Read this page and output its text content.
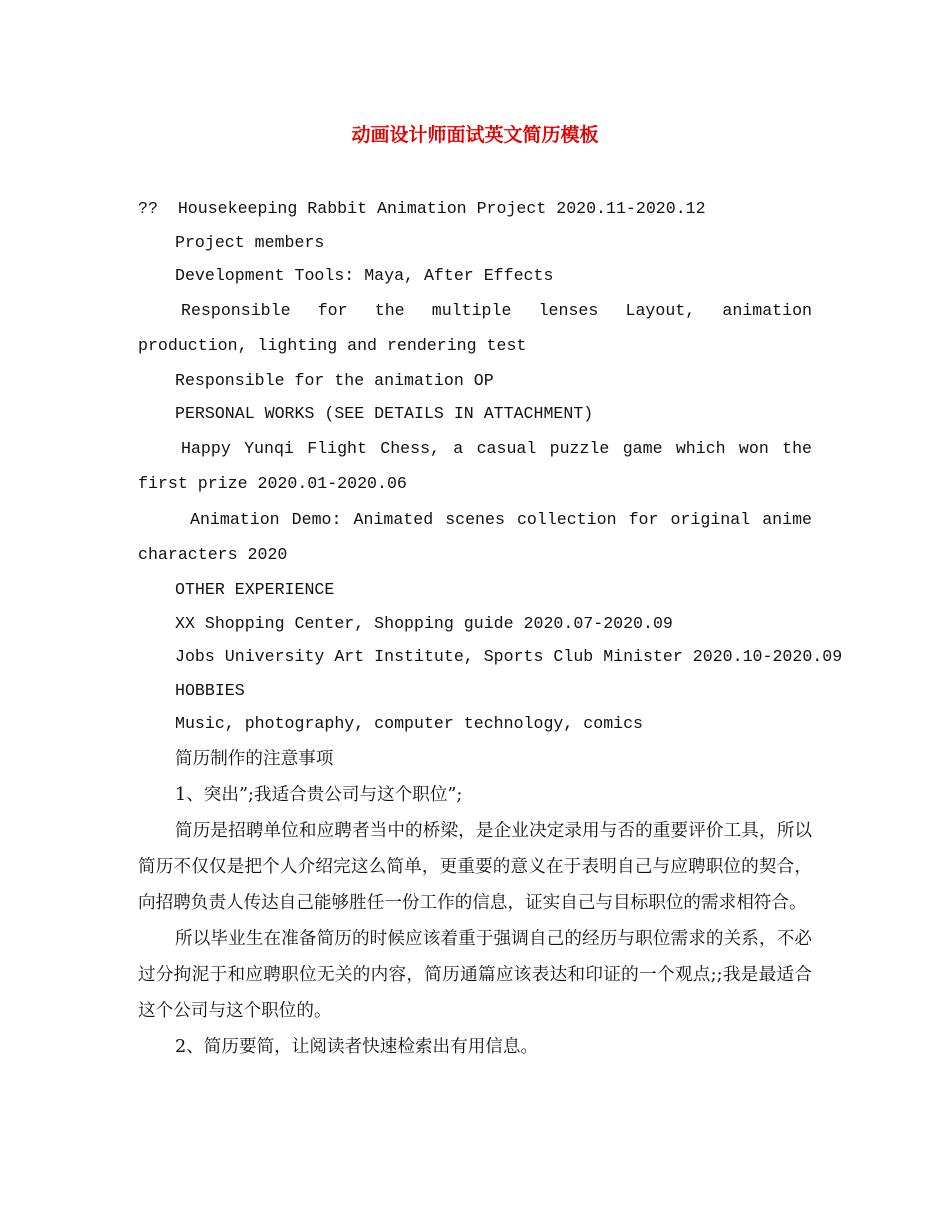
动画设计师面试英文简历模板
??  Housekeeping Rabbit Animation Project 2020.11-2020.12
Project members
Development Tools: Maya, After Effects
Responsible for the multiple lenses Layout, animation production, lighting and rendering test
Responsible for the animation OP
PERSONAL WORKS (SEE DETAILS IN ATTACHMENT)
Happy Yunqi Flight Chess, a casual puzzle game which won the first prize 2020.01-2020.06
Animation Demo: Animated scenes collection for original anime characters 2020
OTHER EXPERIENCE
XX Shopping Center, Shopping guide 2020.07-2020.09
Jobs University Art Institute, Sports Club Minister 2020.10-2020.09
HOBBIES
Music, photography, computer technology, comics
简历制作的注意事项
1、突出”;我适合贵公司与这个职位”;
简历是招聘单位和应聘者当中的桥梁，是企业决定录用与否的重要评价工具，所以简历不仅仅是把个人介绍完这么简单，更重要的意义在于表明自己与应聘职位的契合，向招聘负责人传达自己能够胜任一份工作的信息，证实自己与目标职位的需求相符合。
所以毕业生在准备简历的时候应该着重于强调自己的经历与职位需求的关系，不必过分拘泥于和应聘职位无关的内容，简历通篇应该表达和印证的一个观点;;我是最适合这个公司与这个职位的。
2、简历要简，让阅读者快速检索出有用信息。
